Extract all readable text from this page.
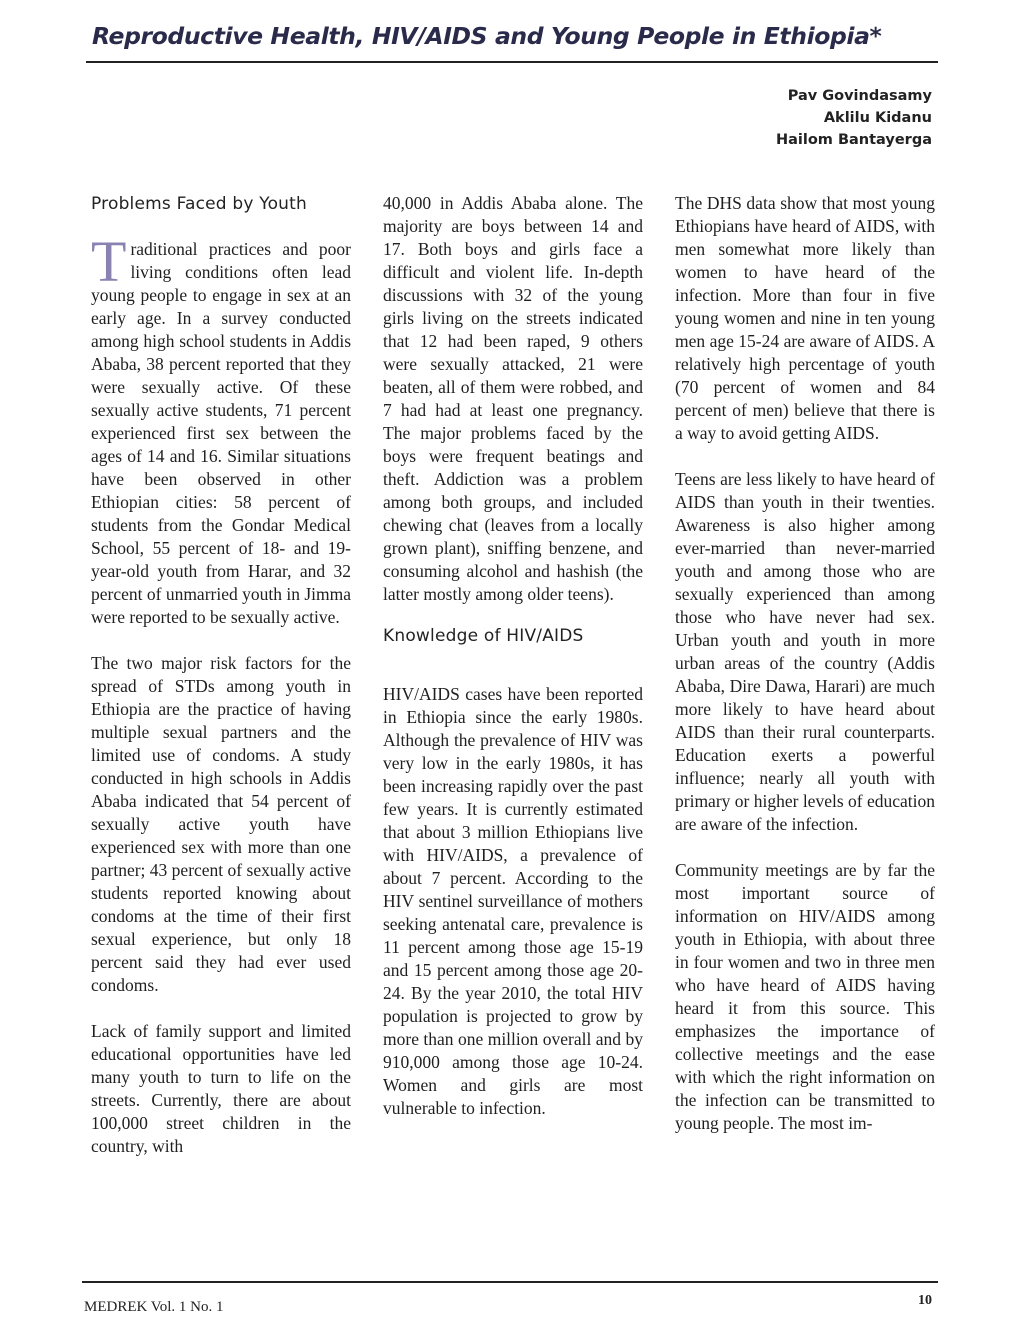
Reproductive Health, HIV/AIDS and Young People in Ethiopia*
Pav Govindasamy
Aklilu Kidanu
Hailom Bantayerga
Problems Faced by Youth

Traditional practices and poor living conditions often lead young people to engage in sex at an early age. In a survey conducted among high school students in Addis Ababa, 38 percent reported that they were sexually active. Of these sexually active students, 71 percent experienced first sex between the ages of 14 and 16. Similar situations have been observed in other Ethiopian cities: 58 percent of students from the Gondar Medical School, 55 percent of 18- and 19- year-old youth from Harar, and 32 percent of unmarried youth in Jimma were reported to be sexually active.

The two major risk factors for the spread of STDs among youth in Ethiopia are the practice of having multiple sexual partners and the limited use of condoms. A study conducted in high schools in Addis Ababa indicated that 54 percent of sexually active youth have experienced sex with more than one partner; 43 percent of sexually active students reported knowing about condoms at the time of their first sexual experience, but only 18 percent said they had ever used condoms.

Lack of family support and limited educational opportunities have led many youth to turn to life on the streets. Currently, there are about 100,000 street children in the country, with

40,000 in Addis Ababa alone. The majority are boys between 14 and 17. Both boys and girls face a difficult and violent life. In-depth discussions with 32 of the young girls living on the streets indicated that 12 had been raped, 9 others were sexually attacked, 21 were beaten, all of them were robbed, and 7 had had at least one pregnancy. The major problems faced by the boys were frequent beatings and theft. Addiction was a problem among both groups, and included chewing chat (leaves from a locally grown plant), sniffing benzene, and consuming alcohol and hashish (the latter mostly among older teens).

Knowledge of HIV/AIDS

HIV/AIDS cases have been reported in Ethiopia since the early 1980s. Although the prevalence of HIV was very low in the early 1980s, it has been increasing rapidly over the past few years. It is currently estimated that about 3 million Ethiopians live with HIV/AIDS, a prevalence of about 7 percent. According to the HIV sentinel surveillance of mothers seeking antenatal care, prevalence is 11 percent among those age 15-19 and 15 percent among those age 20-24. By the year 2010, the total HIV population is projected to grow by more than one million overall and by 910,000 among those age 10-24. Women and girls are most vulnerable to infection.

The DHS data show that most young Ethiopians have heard of AIDS, with men somewhat more likely than women to have heard of the infection. More than four in five young women and nine in ten young men age 15-24 are aware of AIDS. A relatively high percentage of youth (70 percent of women and 84 percent of men) believe that there is a way to avoid getting AIDS.

Teens are less likely to have heard of AIDS than youth in their twenties. Awareness is also higher among ever-married than never-married youth and among those who are sexually experienced than among those who have never had sex. Urban youth and youth in more urban areas of the country (Addis Ababa, Dire Dawa, Harari) are much more likely to have heard about AIDS than their rural counterparts. Education exerts a powerful influence; nearly all youth with primary or higher levels of education are aware of the infection.

Community meetings are by far the most important source of information on HIV/AIDS among youth in Ethiopia, with about three in four women and two in three men who have heard of AIDS having heard it from this source. This emphasizes the importance of collective meetings and the ease with which the right information on the infection can be transmitted to young people. The most im-

MEDREK Vol. 1 No. 1	10
